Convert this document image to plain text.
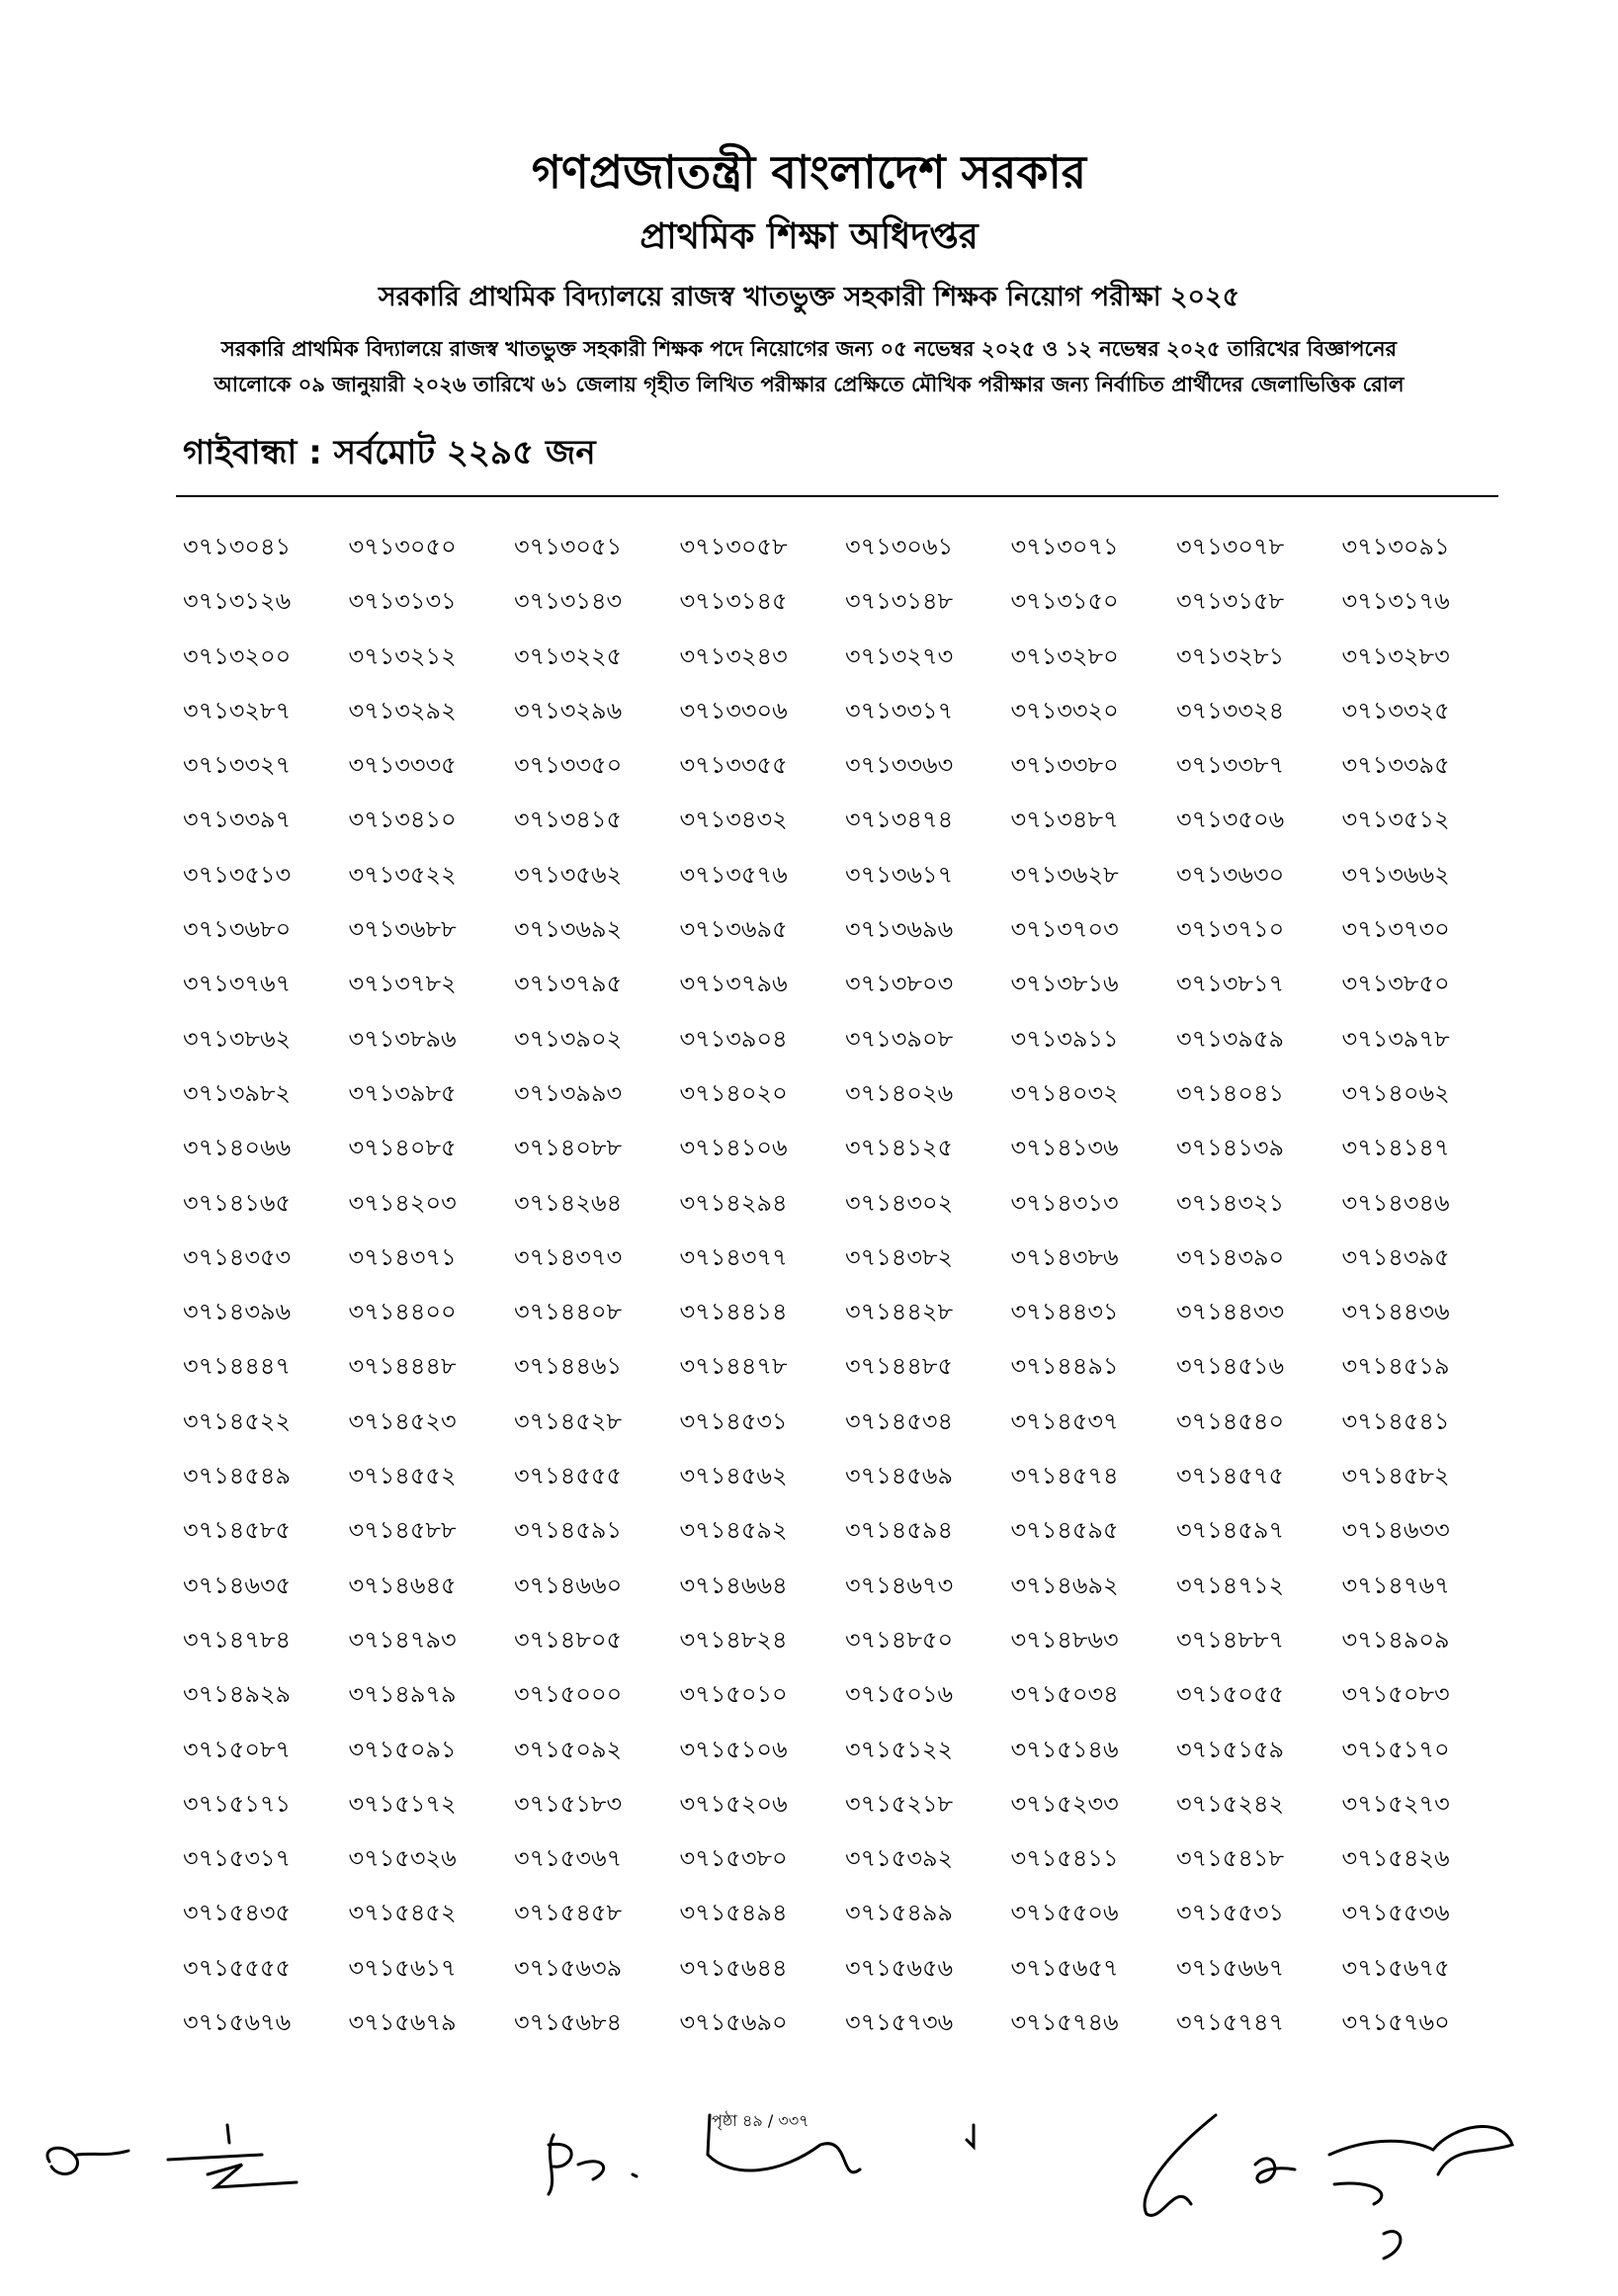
গণপ্রজাতন্ত্রী বাংলাদেশ সরকার
প্রাথমিক শিক্ষা অধিদপ্তর
সরকারি প্রাথমিক বিদ্যালয়ে রাজস্ব খাতভুক্ত সহকারী শিক্ষক নিয়োগ পরীক্ষা ২০২৫
সরকারি প্রাথমিক বিদ্যালয়ে রাজস্ব খাতভুক্ত সহকারী শিক্ষক পদে নিয়োগের জন্য ০৫ নভেম্বর ২০২৫ ও ১২ নভেম্বর ২০২৫ তারিখের বিজ্ঞাপনের
আলোকে ০৯ জানুয়ারী ২০২৬ তারিখে ৬১ জেলায় গৃহীত লিখিত পরীক্ষার প্রেক্ষিতে মৌখিক পরীক্ষার জন্য নির্বাচিত প্রার্থীদের জেলাভিত্তিক রোল
গাইবান্ধা : সর্বমোট ২২৯৫ জন
৩৭১৩০৪১	৩৭১৩০৫০	৩৭১৩০৫১	৩৭১৩০৫৮	৩৭১৩০৬১	৩৭১৩০৭১	৩৭১৩০৭৮	৩৭১৩০৯১
৩৭১৩১২৬	৩৭১৩১৩১	৩৭১৩১৪৩	৩৭১৩১৪৫	৩৭১৩১৪৮	৩৭১৩১৫০	৩৭১৩১৫৮	৩৭১৩১৭৬
৩৭১৩২০০	৩৭১৩২১২	৩৭১৩২২৫	৩৭১৩২৪৩	৩৭১৩২৭৩	৩৭১৩২৮০	৩৭১৩২৮১	৩৭১৩২৮৩
৩৭১৩২৮৭	৩৭১৩২৯২	৩৭১৩২৯৬	৩৭১৩৩০৬	৩৭১৩৩১৭	৩৭১৩৩২০	৩৭১৩৩২৪	৩৭১৩৩২৫
৩৭১৩৩২৭	৩৭১৩৩৩৫	৩৭১৩৩৫০	৩৭১৩৩৫৫	৩৭১৩৩৬৩	৩৭১৩৩৮০	৩৭১৩৩৮৭	৩৭১৩৩৯৫
৩৭১৩৩৯৭	৩৭১৩৪১০	৩৭১৩৪১৫	৩৭১৩৪৩২	৩৭১৩৪৭৪	৩৭১৩৪৮৭	৩৭১৩৫০৬	৩৭১৩৫১২
৩৭১৩৫১৩	৩৭১৩৫২২	৩৭১৩৫৬২	৩৭১৩৫৭৬	৩৭১৩৬১৭	৩৭১৩৬২৮	৩৭১৩৬৩০	৩৭১৩৬৬২
৩৭১৩৬৮০	৩৭১৩৬৮৮	৩৭১৩৬৯২	৩৭১৩৬৯৫	৩৭১৩৬৯৬	৩৭১৩৭০৩	৩৭১৩৭১০	৩৭১৩৭৩০
৩৭১৩৭৬৭	৩৭১৩৭৮২	৩৭১৩৭৯৫	৩৭১৩৭৯৬	৩৭১৩৮০৩	৩৭১৩৮১৬	৩৭১৩৮১৭	৩৭১৩৮৫০
৩৭১৩৮৬২	৩৭১৩৮৯৬	৩৭১৩৯০২	৩৭১৩৯০৪	৩৭১৩৯০৮	৩৭১৩৯১১	৩৭১৩৯৫৯	৩৭১৩৯৭৮
৩৭১৩৯৮২	৩৭১৩৯৮৫	৩৭১৩৯৯৩	৩৭১৪০২০	৩৭১৪০২৬	৩৭১৪০৩২	৩৭১৪০৪১	৩৭১৪০৬২
৩৭১৪০৬৬	৩৭১৪০৮৫	৩৭১৪০৮৮	৩৭১৪১০৬	৩৭১৪১২৫	৩৭১৪১৩৬	৩৭১৪১৩৯	৩৭১৪১৪৭
৩৭১৪১৬৫	৩৭১৪২০৩	৩৭১৪২৬৪	৩৭১৪২৯৪	৩৭১৪৩০২	৩৭১৪৩১৩	৩৭১৪৩২১	৩৭১৪৩৪৬
৩৭১৪৩৫৩	৩৭১৪৩৭১	৩৭১৪৩৭৩	৩৭১৪৩৭৭	৩৭১৪৩৮২	৩৭১৪৩৮৬	৩৭১৪৩৯০	৩৭১৪৩৯৫
৩৭১৪৩৯৬	৩৭১৪৪০০	৩৭১৪৪০৮	৩৭১৪৪১৪	৩৭১৪৪২৮	৩৭১৪৪৩১	৩৭১৪৪৩৩	৩৭১৪৪৩৬
৩৭১৪৪৪৭	৩৭১৪৪৪৮	৩৭১৪৪৬১	৩৭১৪৪৭৮	৩৭১৪৪৮৫	৩৭১৪৪৯১	৩৭১৪৫১৬	৩৭১৪৫১৯
৩৭১৪৫২২	৩৭১৪৫২৩	৩৭১৪৫২৮	৩৭১৪৫৩১	৩৭১৪৫৩৪	৩৭১৪৫৩৭	৩৭১৪৫৪০	৩৭১৪৫৪১
৩৭১৪৫৪৯	৩৭১৪৫৫২	৩৭১৪৫৫৫	৩৭১৪৫৬২	৩৭১৪৫৬৯	৩৭১৪৫৭৪	৩৭১৪৫৭৫	৩৭১৪৫৮২
৩৭১৪৫৮৫	৩৭১৪৫৮৮	৩৭১৪৫৯১	৩৭১৪৫৯২	৩৭১৪৫৯৪	৩৭১৪৫৯৫	৩৭১৪৫৯৭	৩৭১৪৬৩৩
৩৭১৪৬৩৫	৩৭১৪৬৪৫	৩৭১৪৬৬০	৩৭১৪৬৬৪	৩৭১৪৬৭৩	৩৭১৪৬৯২	৩৭১৪৭১২	৩৭১৪৭৬৭
৩৭১৪৭৮৪	৩৭১৪৭৯৩	৩৭১৪৮০৫	৩৭১৪৮২৪	৩৭১৪৮৫০	৩৭১৪৮৬৩	৩৭১৪৮৮৭	৩৭১৪৯০৯
৩৭১৪৯২৯	৩৭১৪৯৭৯	৩৭১৫০০০	৩৭১৫০১০	৩৭১৫০১৬	৩৭১৫০৩৪	৩৭১৫০৫৫	৩৭১৫০৮৩
৩৭১৫০৮৭	৩৭১৫০৯১	৩৭১৫০৯২	৩৭১৫১০৬	৩৭১৫১২২	৩৭১৫১৪৬	৩৭১৫১৫৯	৩৭১৫১৭০
৩৭১৫১৭১	৩৭১৫১৭২	৩৭১৫১৮৩	৩৭১৫২০৬	৩৭১৫২১৮	৩৭১৫২৩৩	৩৭১৫২৪২	৩৭১৫২৭৩
৩৭১৫৩১৭	৩৭১৫৩২৬	৩৭১৫৩৬৭	৩৭১৫৩৮০	৩৭১৫৩৯২	৩৭১৫৪১১	৩৭১৫৪১৮	৩৭১৫৪২৬
৩৭১৫৪৩৫	৩৭১৫৪৫২	৩৭১৫৪৫৮	৩৭১৫৪৯৪	৩৭১৫৪৯৯	৩৭১৫৫০৬	৩৭১৫৫৩১	৩৭১৫৫৩৬
৩৭১৫৫৫৫	৩৭১৫৬১৭	৩৭১৫৬৩৯	৩৭১৫৬৪৪	৩৭১৫৬৫৬	৩৭১৫৬৫৭	৩৭১৫৬৬৭	৩৭১৫৬৭৫
৩৭১৫৬৭৬	৩৭১৫৬৭৯	৩৭১৫৬৮৪	৩৭১৫৬৯০	৩৭১৫৭৩৬	৩৭১৫৭৪৬	৩৭১৫৭৪৭	৩৭১৫৭৬০
পৃষ্ঠা ৪৯ / ৩৩৭
